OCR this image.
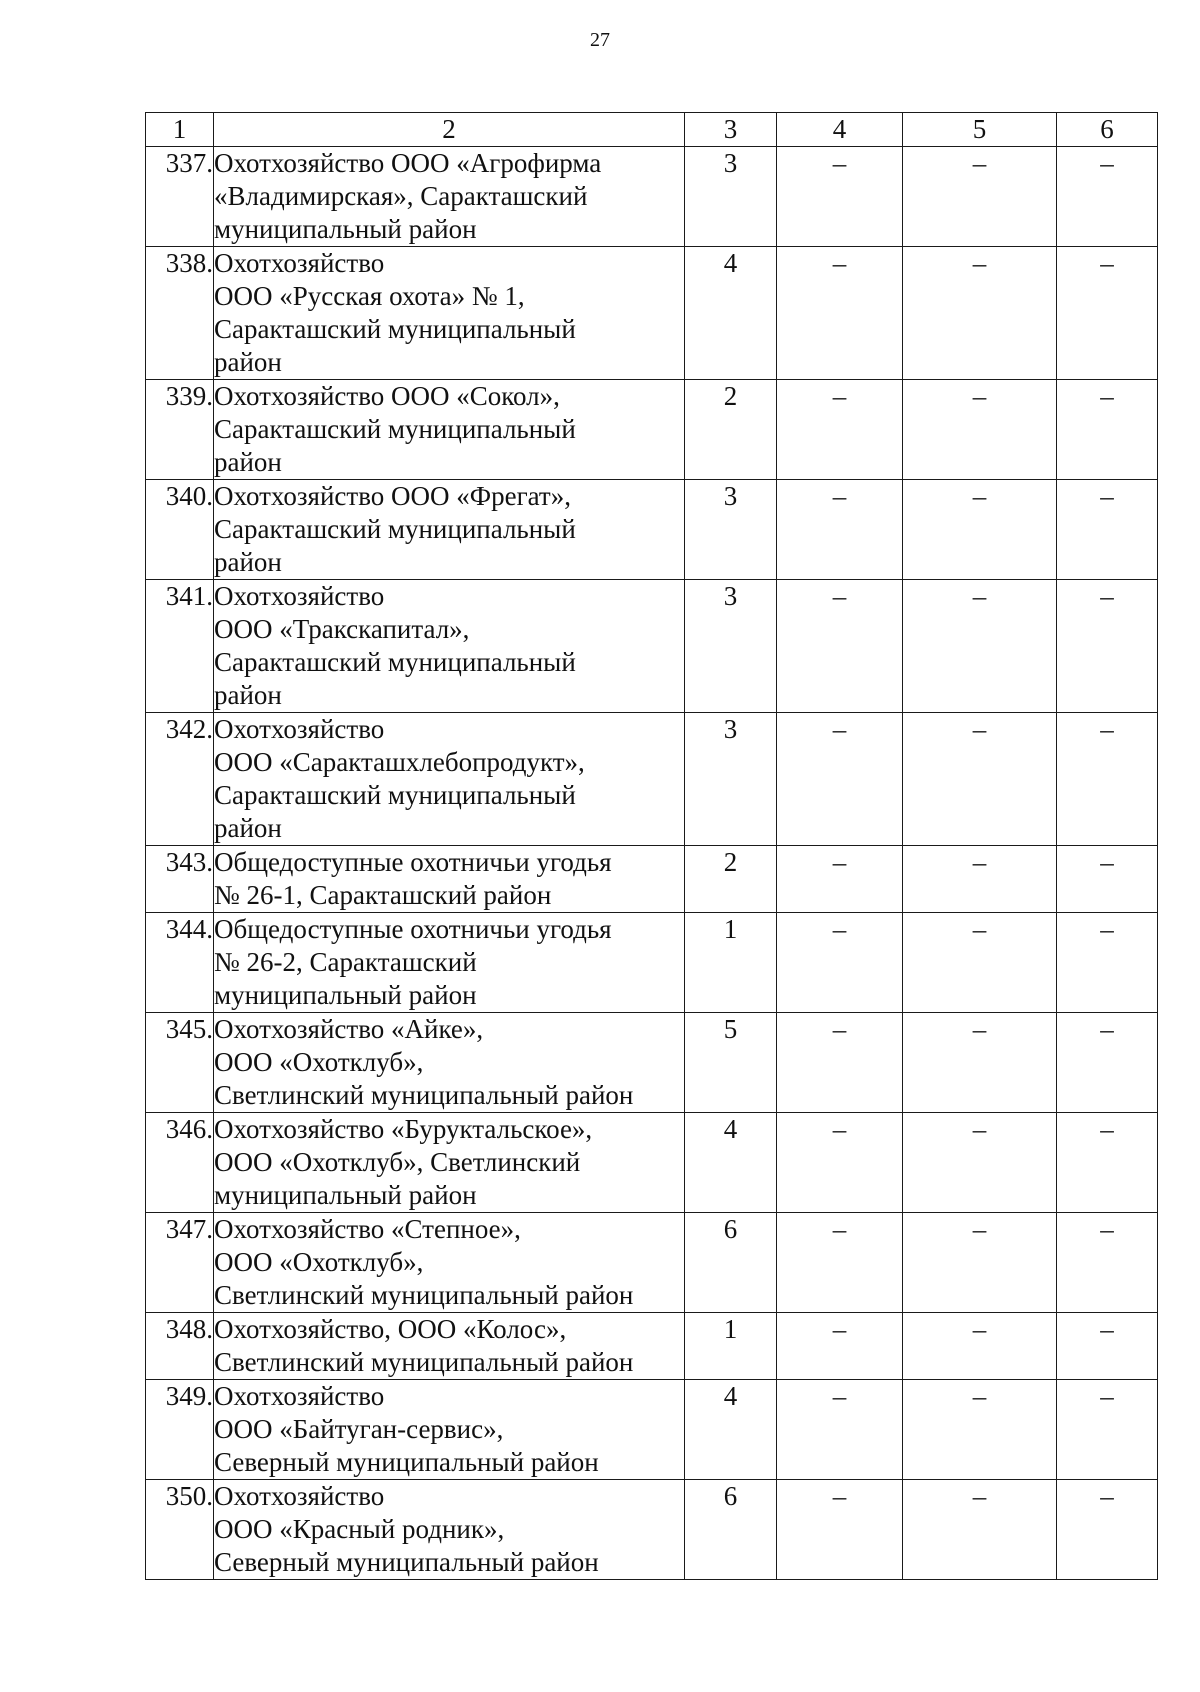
27
1	2	3	4	5	6
337.	Охотхозяйство ООО «Агрофирма
«Владимирская», Саракташский
муниципальный район	3	–	–	–
338.	Охотхозяйство
ООО «Русская охота» № 1,
Саракташский муниципальный
район	4	–	–	–
339.	Охотхозяйство ООО «Сокол»,
Саракташский муниципальный
район	2	–	–	–
340.	Охотхозяйство ООО «Фрегат»,
Саракташский муниципальный
район	3	–	–	–
341.	Охотхозяйство
ООО «Тракскапитал»,
Саракташский муниципальный
район	3	–	–	–
342.	Охотхозяйство
ООО «Саракташхлебопродукт»,
Саракташский муниципальный
район	3	–	–	–
343.	Общедоступные охотничьи угодья
№ 26-1, Саракташский район	2	–	–	–
344.	Общедоступные охотничьи угодья
№ 26-2, Саракташский
муниципальный район	1	–	–	–
345.	Охотхозяйство «Айке»,
ООО «Охотклуб»,
Светлинский муниципальный район	5	–	–	–
346.	Охотхозяйство «Буруктальское»,
ООО «Охотклуб», Светлинский
муниципальный район	4	–	–	–
347.	Охотхозяйство «Степное»,
ООО «Охотклуб»,
Светлинский муниципальный район	6	–	–	–
348.	Охотхозяйство, ООО «Колос»,
Светлинский муниципальный район	1	–	–	–
349.	Охотхозяйство
ООО «Байтуган-сервис»,
Северный муниципальный район	4	–	–	–
350.	Охотхозяйство
ООО «Красный родник»,
Северный муниципальный район	6	–	–	–
